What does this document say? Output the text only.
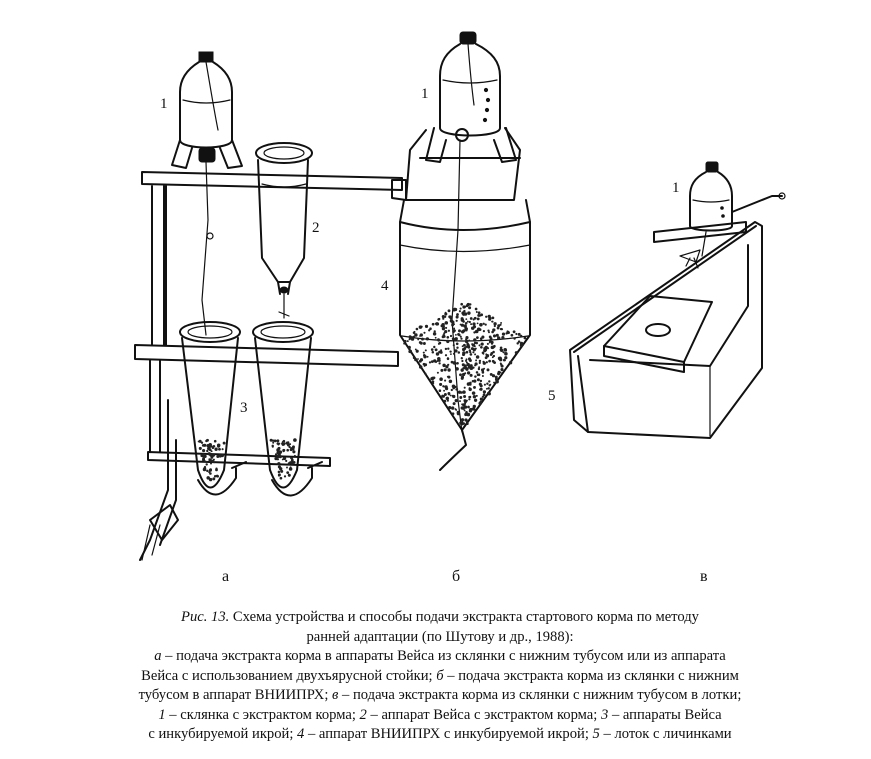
1
2
3
1
4
1
5
а	б	в
Рис. 13. Схема устройства и способы подачи экстракта стартового корма по методу
ранней адаптации (по Шутову и др., 1988):
а – подача экстракта корма в аппараты Вейса из склянки с нижним тубусом или из аппарата
Вейса с использованием двухъярусной стойки; б – подача экстракта корма из склянки с нижним
тубусом в аппарат ВНИИПРХ; в – подача экстракта корма из склянки с нижним тубусом в лотки;
1 – склянка с экстрактом корма; 2 – аппарат Вейса с экстрактом корма; 3 – аппараты Вейса
с инкубируемой икрой; 4 – аппарат ВНИИПРХ с инкубируемой икрой; 5 – лоток с личинками
